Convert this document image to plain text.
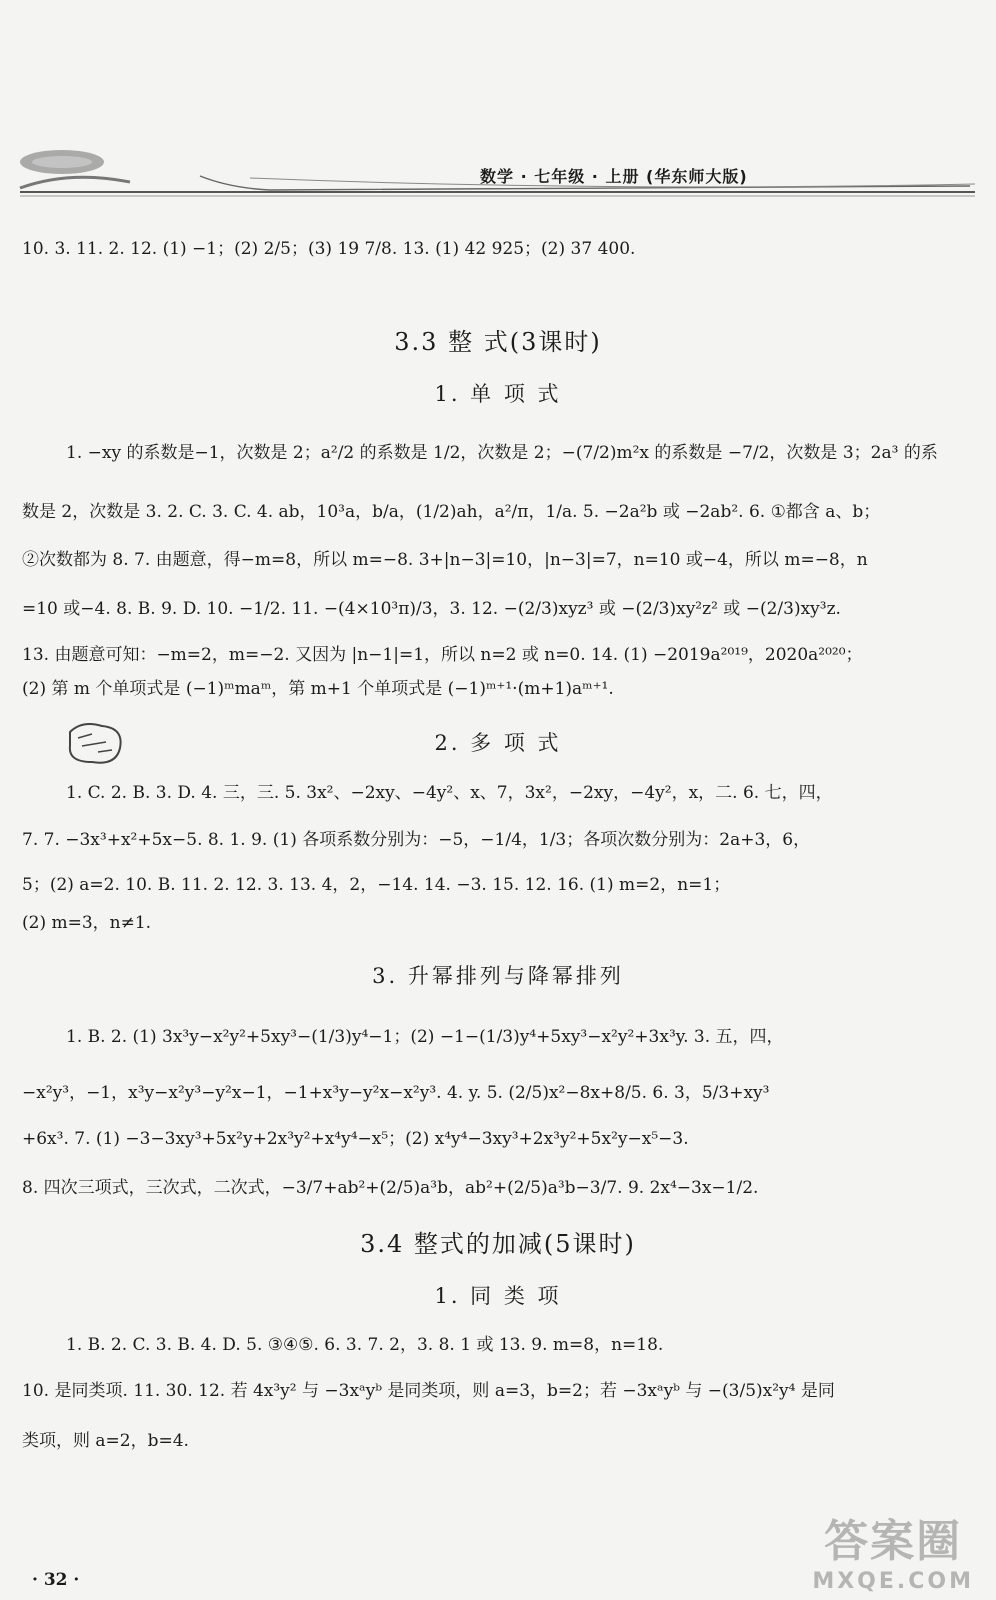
数学 · 七年级 · 上册 (华东师大版)
10. 3. 11. 2. 12. (1) −1；(2) 2/5；(3) 19 7/8. 13. (1) 42 925；(2) 37 400.
3.3 整 式(3课时)
1. 单 项 式
1. −xy 的系数是−1，次数是 2；a²/2 的系数是 1/2，次数是 2；−(7/2)m²x 的系数是 −7/2，次数是 3；2a³ 的系
数是 2，次数是 3. 2. C. 3. C. 4. ab，10³a，b/a，(1/2)ah，a²/π，1/a. 5. −2a²b 或 −2ab². 6. ①都含 a、b；
②次数都为 8. 7. 由题意，得−m=8，所以 m=−8. 3+|n−3|=10，|n−3|=7，n=10 或−4，所以 m=−8，n
=10 或−4. 8. B. 9. D. 10. −1/2. 11. −(4×10³π)/3，3. 12. −(2/3)xyz³ 或 −(2/3)xy²z² 或 −(2/3)xy³z.
13. 由题意可知：−m=2，m=−2. 又因为 |n−1|=1，所以 n=2 或 n=0. 14. (1) −2019a²⁰¹⁹，2020a²⁰²⁰；
(2) 第 m 个单项式是 (−1)ᵐmaᵐ，第 m+1 个单项式是 (−1)ᵐ⁺¹·(m+1)aᵐ⁺¹.
2. 多 项 式
1. C. 2. B. 3. D. 4. 三，三. 5. 3x²、−2xy、−4y²、x、7，3x²，−2xy，−4y²，x，二. 6. 七，四，
7. 7. −3x³+x²+5x−5. 8. 1. 9. (1) 各项系数分别为：−5，−1/4，1/3；各项次数分别为：2a+3，6，
5；(2) a=2. 10. B. 11. 2. 12. 3. 13. 4，2，−14. 14. −3. 15. 12. 16. (1) m=2，n=1；
(2) m=3，n≠1.
3. 升幂排列与降幂排列
1. B. 2. (1) 3x³y−x²y²+5xy³−(1/3)y⁴−1；(2) −1−(1/3)y⁴+5xy³−x²y²+3x³y. 3. 五，四，
−x²y³，−1，x³y−x²y³−y²x−1，−1+x³y−y²x−x²y³. 4. y. 5. (2/5)x²−8x+8/5. 6. 3，5/3+xy³
+6x³. 7. (1) −3−3xy³+5x²y+2x³y²+x⁴y⁴−x⁵；(2) x⁴y⁴−3xy³+2x³y²+5x²y−x⁵−3.
8. 四次三项式，三次式，二次式，−3/7+ab²+(2/5)a³b，ab²+(2/5)a³b−3/7. 9. 2x⁴−3x−1/2.
3.4 整式的加减(5课时)
1. 同 类 项
1. B. 2. C. 3. B. 4. D. 5. ③④⑤. 6. 3. 7. 2，3. 8. 1 或 13. 9. m=8，n=18.
10. 是同类项. 11. 30. 12. 若 4x³y² 与 −3xᵃyᵇ 是同类项，则 a=3，b=2；若 −3xᵃyᵇ 与 −(3/5)x²y⁴ 是同
类项，则 a=2，b=4.
· 32 ·
答案圈
MXQE.COM
